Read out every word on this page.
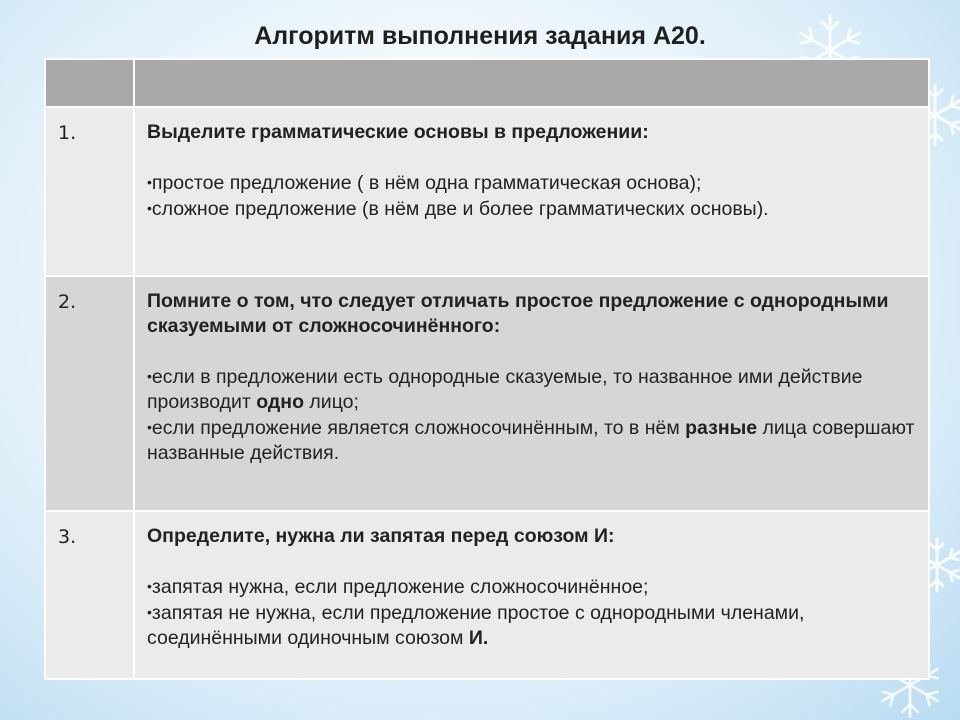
Алгоритм выполнения задания А20.

1.	Выделите грамматические основы в предложении:
•простое предложение ( в нём одна грамматическая основа);
•сложное предложение (в нём две и более грамматических основы).

2.	Помните о том, что следует отличать простое предложение с однородными сказуемыми от сложносочинённого:
•если в предложении есть однородные сказуемые, то названное ими действие производит одно лицо;
•если предложение является сложносочинённым, то в нём разные лица совершают названные действия.

3.	Определите, нужна ли запятая перед союзом И:
•запятая нужна, если предложение сложносочинённое;
•запятая не нужна, если предложение простое с однородными членами, соединёнными одиночным союзом И.
